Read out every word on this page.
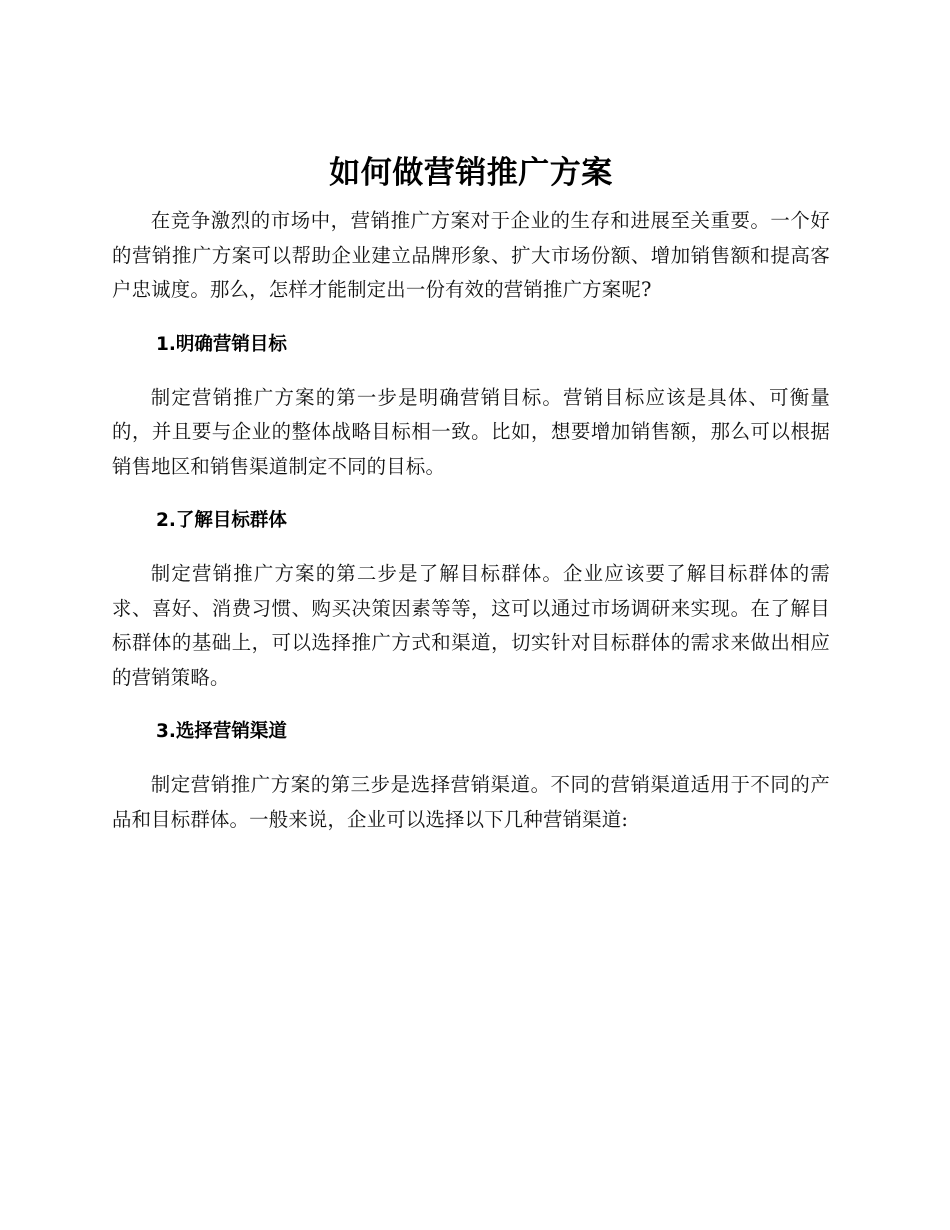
如何做营销推广方案

在竞争激烈的市场中，营销推广方案对于企业的生存和进展至关重要。一个好的营销推广方案可以帮助企业建立品牌形象、扩大市场份额、增加销售额和提高客户忠诚度。那么，怎样才能制定出一份有效的营销推广方案呢?

1.明确营销目标

制定营销推广方案的第一步是明确营销目标。营销目标应该是具体、可衡量的，并且要与企业的整体战略目标相一致。比如，想要增加销售额，那么可以根据销售地区和销售渠道制定不同的目标。

2.了解目标群体

制定营销推广方案的第二步是了解目标群体。企业应该要了解目标群体的需求、喜好、消费习惯、购买决策因素等等，这可以通过市场调研来实现。在了解目标群体的基础上，可以选择推广方式和渠道，切实针对目标群体的需求来做出相应的营销策略。

3.选择营销渠道

制定营销推广方案的第三步是选择营销渠道。不同的营销渠道适用于不同的产品和目标群体。一般来说，企业可以选择以下几种营销渠道:
